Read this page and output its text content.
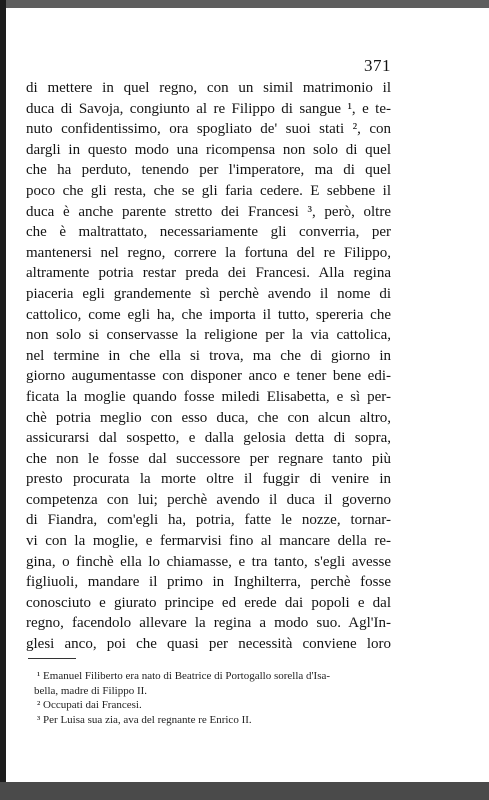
371
di mettere in quel regno, con un simil matrimonio il
duca di Savoja, congiunto al re Filippo di sangue ¹, e te-
nuto confidentissimo, ora spogliato de' suoi stati ², con
dargli in questo modo una ricompensa non solo di quel
che ha perduto, tenendo per l'imperatore, ma di quel
poco che gli resta, che se gli faria cedere. E sebbene il
duca è anche parente stretto dei Francesi ³, però, oltre
che è maltrattato, necessariamente gli converria, per
mantenersi nel regno, correre la fortuna del re Filippo,
altramente potria restar preda dei Francesi. Alla regina
piaceria egli grandemente sì perchè avendo il nome di
cattolico, come egli ha, che importa il tutto, spereria che
non solo si conservasse la religione per la via cattolica,
nel termine in che ella si trova, ma che di giorno in
giorno augumentasse con disponer anco e tener bene edi-
ficata la moglie quando fosse miledi Elisabetta, e sì per-
chè potria meglio con esso duca, che con alcun altro,
assicurarsi dal sospetto, e dalla gelosia detta di sopra,
che non le fosse dal successore per regnare tanto più
presto procurata la morte oltre il fuggir di venire in
competenza con lui; perchè avendo il duca il governo
di Fiandra, com'egli ha, potria, fatte le nozze, tornar-
vi con la moglie, e fermarvisi fino al mancare della re-
gina, o finchè ella lo chiamasse, e tra tanto, s'egli avesse
figliuoli, mandare il primo in Inghilterra, perchè fosse
conosciuto e giurato principe ed erede dai popoli e dal
regno, facendolo allevare la regina a modo suo. Agl'In-
glesi anco, poi che quasi per necessità conviene loro
¹ Emanuel Filiberto era nato di Beatrice di Portogallo sorella d'Isa-
bella, madre di Filippo II.
² Occupati dai Francesi.
³ Per Luisa sua zia, ava del regnante re Enrico II.
